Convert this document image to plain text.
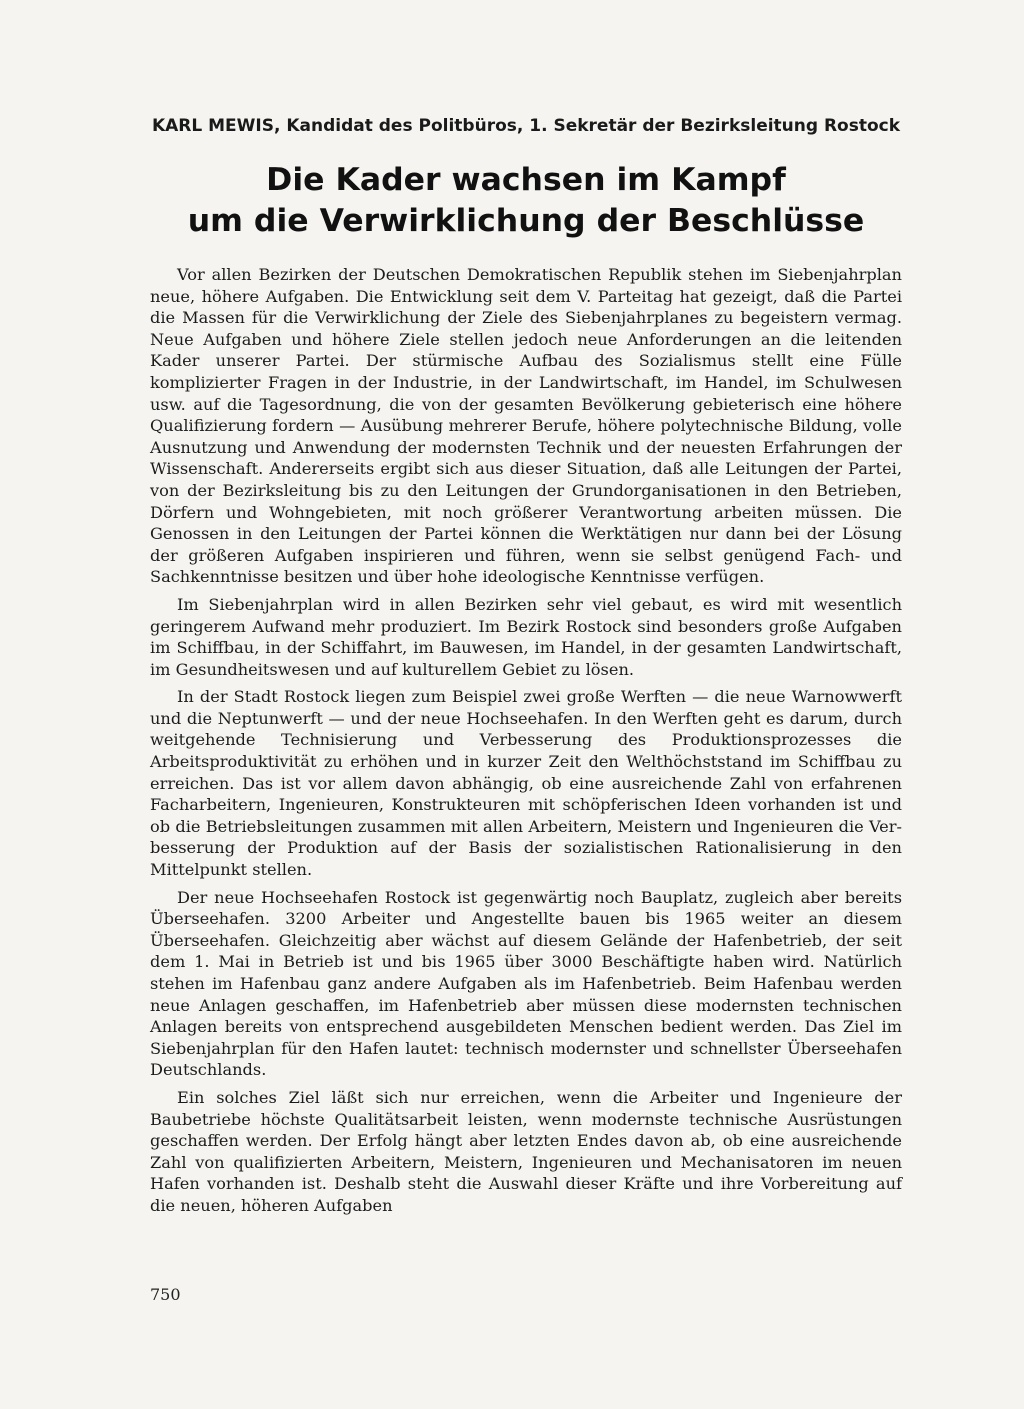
KARL MEWIS, Kandidat des Politbüros, 1. Sekretär der Bezirksleitung Rostock
Die Kader wachsen im Kampf
um die Verwirklichung der Beschlüsse

Vor allen Bezirken der Deutschen Demokratischen Republik stehen im Siebenjahrplan neue, höhere Aufgaben. Die Entwicklung seit dem V. Parteitag hat gezeigt, daß die Partei die Massen für die Verwirklichung der Ziele des Siebenjahrplanes zu begeistern vermag. Neue Aufgaben und höhere Ziele stellen jedoch neue Anforderungen an die leitenden Kader unserer Partei. Der stürmische Aufbau des Sozialismus stellt eine Fülle komplizierter Fragen in der Industrie, in der Landwirtschaft, im Handel, im Schulwesen usw. auf die Tagesordnung, die von der gesamten Bevölkerung gebieterisch eine höhere Qualifizierung fordern — Ausübung mehrerer Berufe, höhere polytechnische Bildung, volle Ausnutzung und Anwendung der modernsten Technik und der neuesten Erfahrungen der Wissenschaft. Andererseits ergibt sich aus dieser Situation, daß alle Leitungen der Partei, von der Bezirksleitung bis zu den Leitungen der Grundorganisationen in den Betrieben, Dörfern und Wohngebieten, mit noch größerer Verantwortung arbeiten müssen. Die Genossen in den Leitungen der Partei können die Werktätigen nur dann bei der Lösung der größeren Aufgaben inspirieren und führen, wenn sie selbst genügend Fach- und Sachkenntnisse besitzen und über hohe ideologische Kenntnisse verfügen.

Im Siebenjahrplan wird in allen Bezirken sehr viel gebaut, es wird mit wesentlich geringerem Aufwand mehr produziert. Im Bezirk Rostock sind besonders große Aufgaben im Schiffbau, in der Schiffahrt, im Bauwesen, im Handel, in der gesamten Landwirtschaft, im Gesundheitswesen und auf kulturellem Gebiet zu lösen.

In der Stadt Rostock liegen zum Beispiel zwei große Werften — die neue Warnowwerft und die Neptunwerft — und der neue Hochseehafen. In den Werften geht es darum, durch weitgehende Technisierung und Verbesserung des Produktionsprozesses die Arbeitsproduktivität zu erhöhen und in kurzer Zeit den Welthöchststand im Schiffbau zu erreichen. Das ist vor allem davon abhängig, ob eine ausreichende Zahl von erfahrenen Facharbeitern, Ingenieuren, Konstrukteuren mit schöpferischen Ideen vorhanden ist und ob die Betriebsleitungen zusammen mit allen Arbeitern, Meistern und Ingenieuren die Verbesserung der Produktion auf der Basis der sozialistischen Rationalisierung in den Mittelpunkt stellen.

Der neue Hochseehafen Rostock ist gegenwärtig noch Bauplatz, zugleich aber bereits Überseehafen. 3200 Arbeiter und Angestellte bauen bis 1965 weiter an diesem Überseehafen. Gleichzeitig aber wächst auf diesem Gelände der Hafenbetrieb, der seit dem 1. Mai in Betrieb ist und bis 1965 über 3000 Beschäftigte haben wird. Natürlich stehen im Hafenbau ganz andere Aufgaben als im Hafenbetrieb. Beim Hafenbau werden neue Anlagen geschaffen, im Hafenbetrieb aber müssen diese modernsten technischen Anlagen bereits von entsprechend ausgebildeten Menschen bedient werden. Das Ziel im Siebenjahrplan für den Hafen lautet: technisch modernster und schnellster Überseehafen Deutschlands.

Ein solches Ziel läßt sich nur erreichen, wenn die Arbeiter und Ingenieure der Baubetriebe höchste Qualitätsarbeit leisten, wenn modernste technische Ausrüstungen geschaffen werden. Der Erfolg hängt aber letzten Endes davon ab, ob eine ausreichende Zahl von qualifizierten Arbeitern, Meistern, Ingenieuren und Mechanisatoren im neuen Hafen vorhanden ist. Deshalb steht die Auswahl dieser Kräfte und ihre Vorbereitung auf die neuen, höheren Aufgaben

750
